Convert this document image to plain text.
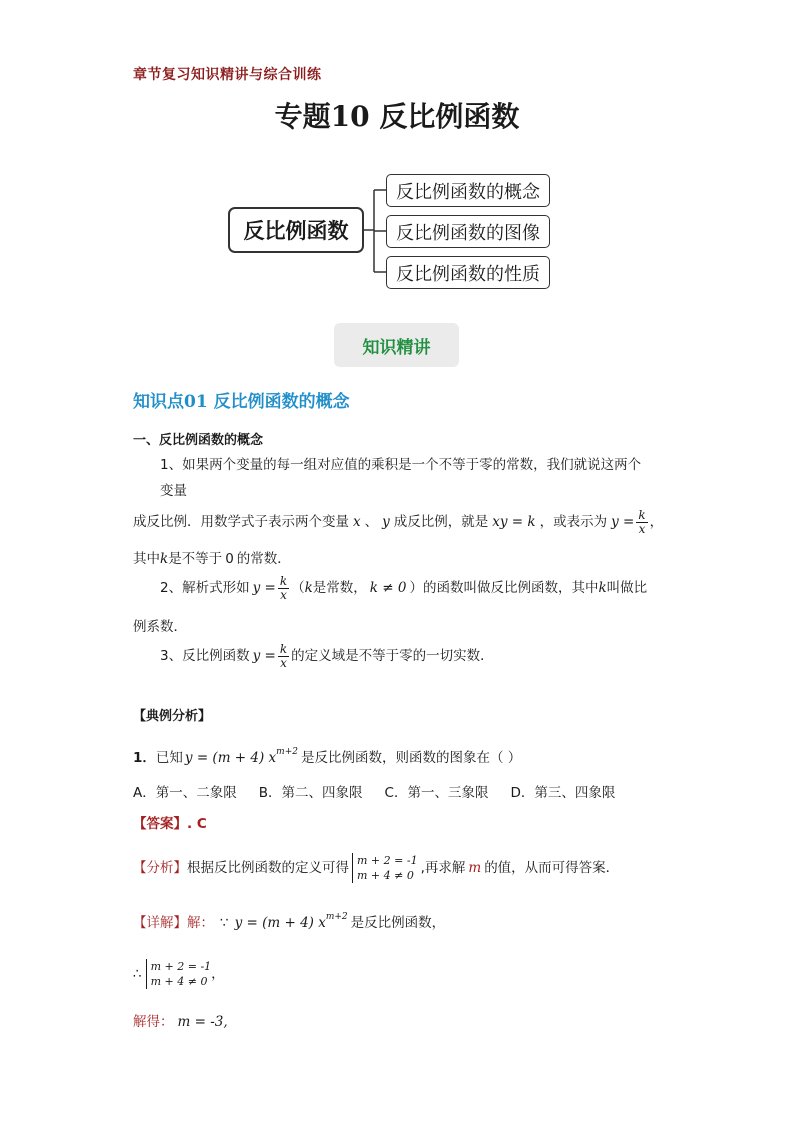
章节复习知识精讲与综合训练
专题10 反比例函数
反比例函数
反比例函数的概念
反比例函数的图像
反比例函数的性质
知识精讲
知识点01 反比例函数的概念
一、反比例函数的概念
1、如果两个变量的每一组对应值的乘积是一个不等于零的常数，我们就说这两个
变量
成反比例．用数学式子表示两个变量 x 、 y 成反比例，就是 xy = k ，或表示为 $y = \frac{k}{x}$ ，
其中k是不等于 0 的常数．
2、解析式形如 $y = \frac{k}{x}$ （ k 是常数， k ≠ 0 ）的函数叫做反比例函数，其中 k 叫做比
例系数．
3、反比例函数 $y = \frac{k}{x}$ 的定义域是不等于零的一切实数．
【典例分析】
1． 已知 y = (m + 4) $x^{m+2}$ 是反比例函数，则函数的图象在（ ）
A．第一、二象限 B．第二、四象限 C．第一、三象限 D．第三、四象限
【答案】. C
【分析】 根据反比例函数的定义可得 m + 2 = -1
m + 4 ≠ 0 ,再求解 m 的值，从而可得答案．
【详解】 解： ∵ y = (m + 4) $x^{m+2}$ 是反比例函数，
∴ m + 2 = -1
m + 4 ≠ 0 ，
解得： m = -3,
